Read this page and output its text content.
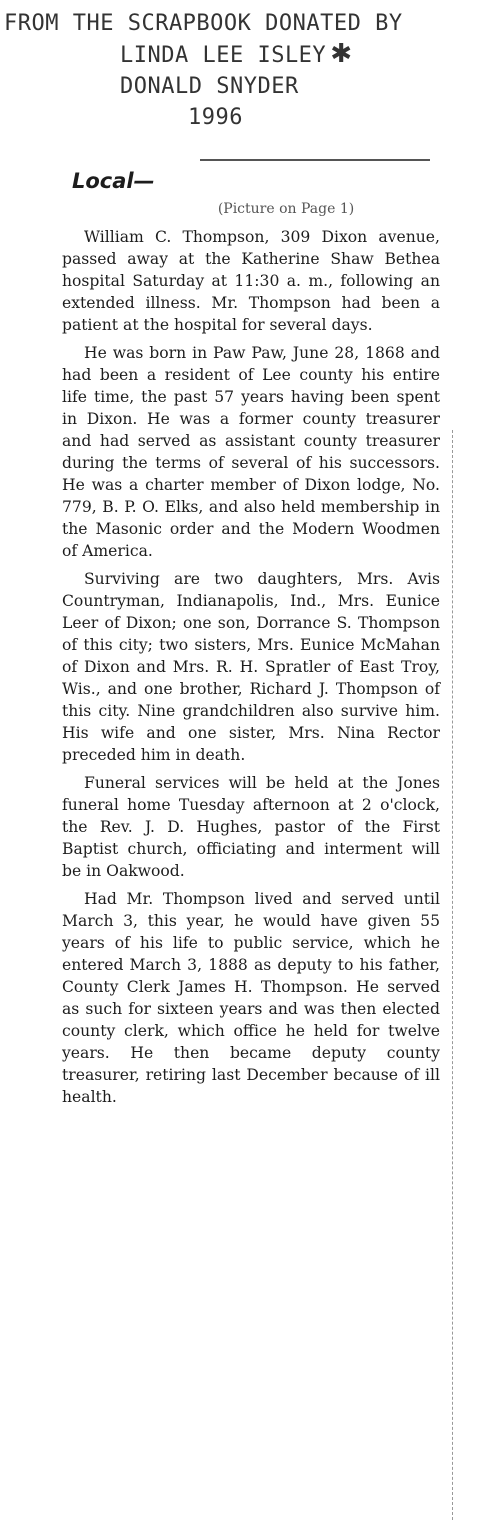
FROM THE SCRAPBOOK DONATED BY
LINDA LEE ISLEY ✱
DONALD SNYDER
1996
Local—
(Picture on Page 1)

William C. Thompson, 309 Dixon avenue, passed away at the Katherine Shaw Bethea hospital Saturday at 11:30 a. m., following an extended illness. Mr. Thompson had been a patient at the hospital for several days.

He was born in Paw Paw, June 28, 1868 and had been a resident of Lee county his entire life time, the past 57 years having been spent in Dixon. He was a former county treasurer and had served as assistant county treasurer during the terms of several of his successors. He was a charter member of Dixon lodge, No. 779, B. P. O. Elks, and also held membership in the Masonic order and the Modern Woodmen of America.

Surviving are two daughters, Mrs. Avis Countryman, Indianapolis, Ind., Mrs. Eunice Leer of Dixon; one son, Dorrance S. Thompson of this city; two sisters, Mrs. Eunice McMahan of Dixon and Mrs. R. H. Spratler of East Troy, Wis., and one brother, Richard J. Thompson of this city. Nine grandchildren also survive him. His wife and one sister, Mrs. Nina Rector preceded him in death.

Funeral services will be held at the Jones funeral home Tuesday afternoon at 2 o'clock, the Rev. J. D. Hughes, pastor of the First Baptist church, officiating and interment will be in Oakwood.

Had Mr. Thompson lived and served until March 3, this year, he would have given 55 years of his life to public service, which he entered March 3, 1888 as deputy to his father, County Clerk James H. Thompson. He served as such for sixteen years and was then elected county clerk, which office he held for twelve years. He then became deputy county treasurer, retiring last December because of ill health.
